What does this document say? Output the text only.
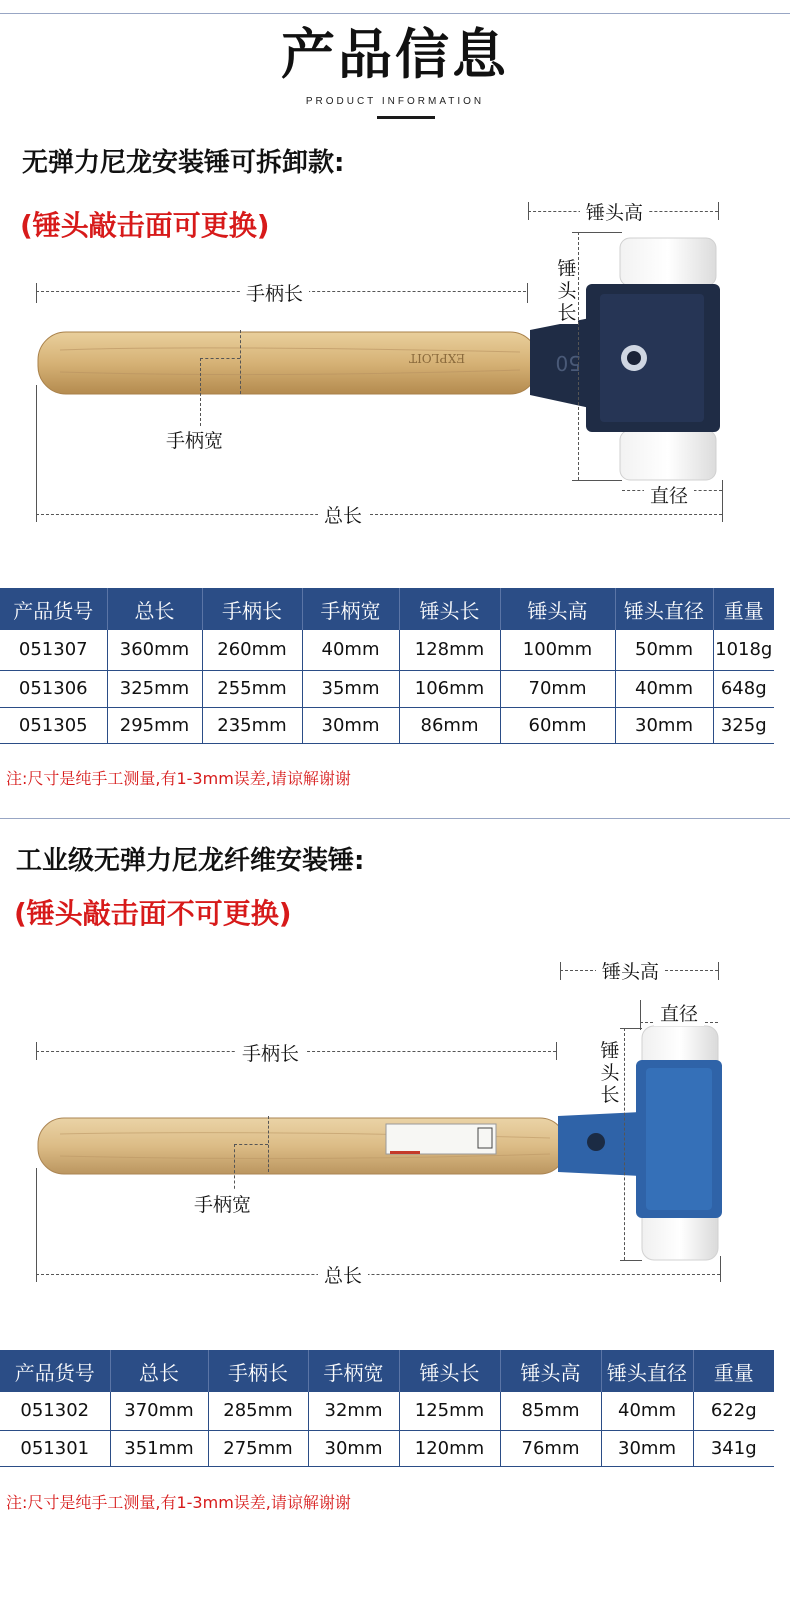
产品信息
PRODUCT INFORMATION
无弹力尼龙安装锤可拆卸款:
(锤头敲击面可更换)
EXPLOIT	50
手柄长
锤头高
锤头长
手柄宽
直径
总长
产品货号	总长	手柄长	手柄宽	锤头长	锤头高	锤头直径	重量
051307	360mm	260mm	40mm	128mm	100mm	50mm	1018g
051306	325mm	255mm	35mm	106mm	70mm	40mm	648g
051305	295mm	235mm	30mm	86mm	60mm	30mm	325g
注:尺寸是纯手工测量,有1-3mm误差,请谅解谢谢
工业级无弹力尼龙纤维安装锤:
(锤头敲击面不可更换)
锤头高
直径
锤头长
手柄长
手柄宽
总长
产品货号	总长	手柄长	手柄宽	锤头长	锤头高	锤头直径	重量
051302	370mm	285mm	32mm	125mm	85mm	40mm	622g
051301	351mm	275mm	30mm	120mm	76mm	30mm	341g
注:尺寸是纯手工测量,有1-3mm误差,请谅解谢谢
